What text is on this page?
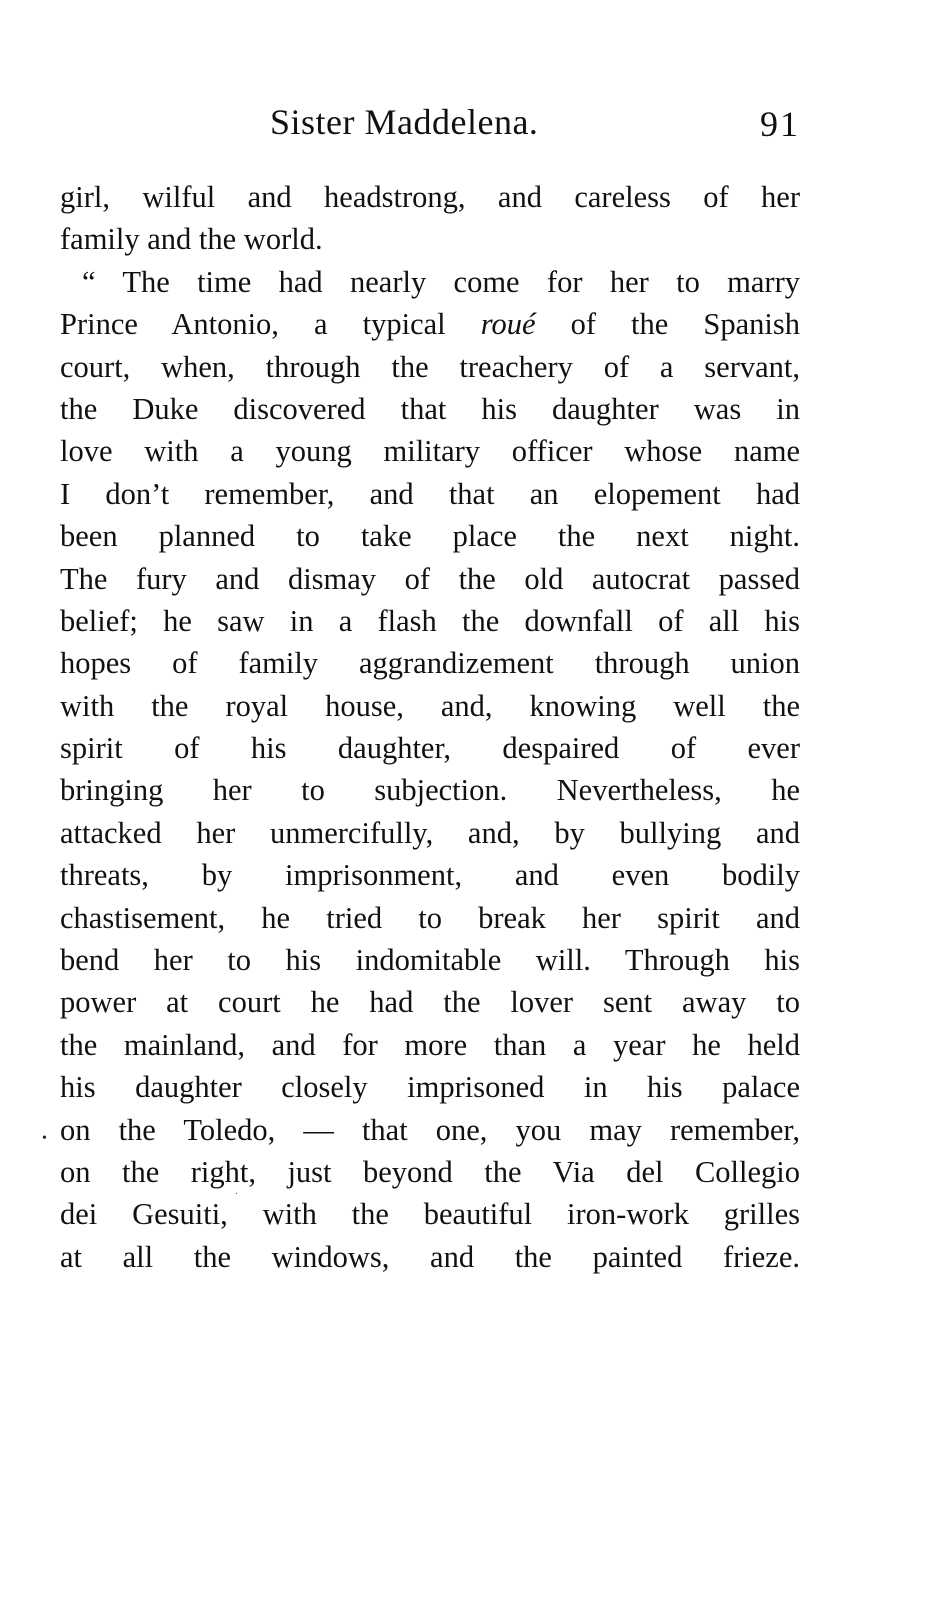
Sister Maddelena.	91
girl, wilful and headstrong, and careless of her
family and the world.
“ The time had nearly come for her to marry
Prince Antonio, a typical roué of the Spanish
court, when, through the treachery of a servant,
the Duke discovered that his daughter was in
love with a young military officer whose name
I don’t remember, and that an elopement had
been planned to take place the next night.
The fury and dismay of the old autocrat passed
belief; he saw in a flash the downfall of all his
hopes of family aggrandizement through union
with the royal house, and, knowing well the
spirit of his daughter, despaired of ever
bringing her to subjection. Nevertheless, he
attacked her unmercifully, and, by bullying and
threats, by imprisonment, and even bodily
chastisement, he tried to break her spirit and
bend her to his indomitable will. Through his
power at court he had the lover sent away to
the mainland, and for more than a year he held
his daughter closely imprisoned in his palace
on the Toledo, — that one, you may remember,
on the right, just beyond the Via del Collegio
dei Gesuiti, with the beautiful iron-work grilles
at all the windows, and the painted frieze.
•
·
